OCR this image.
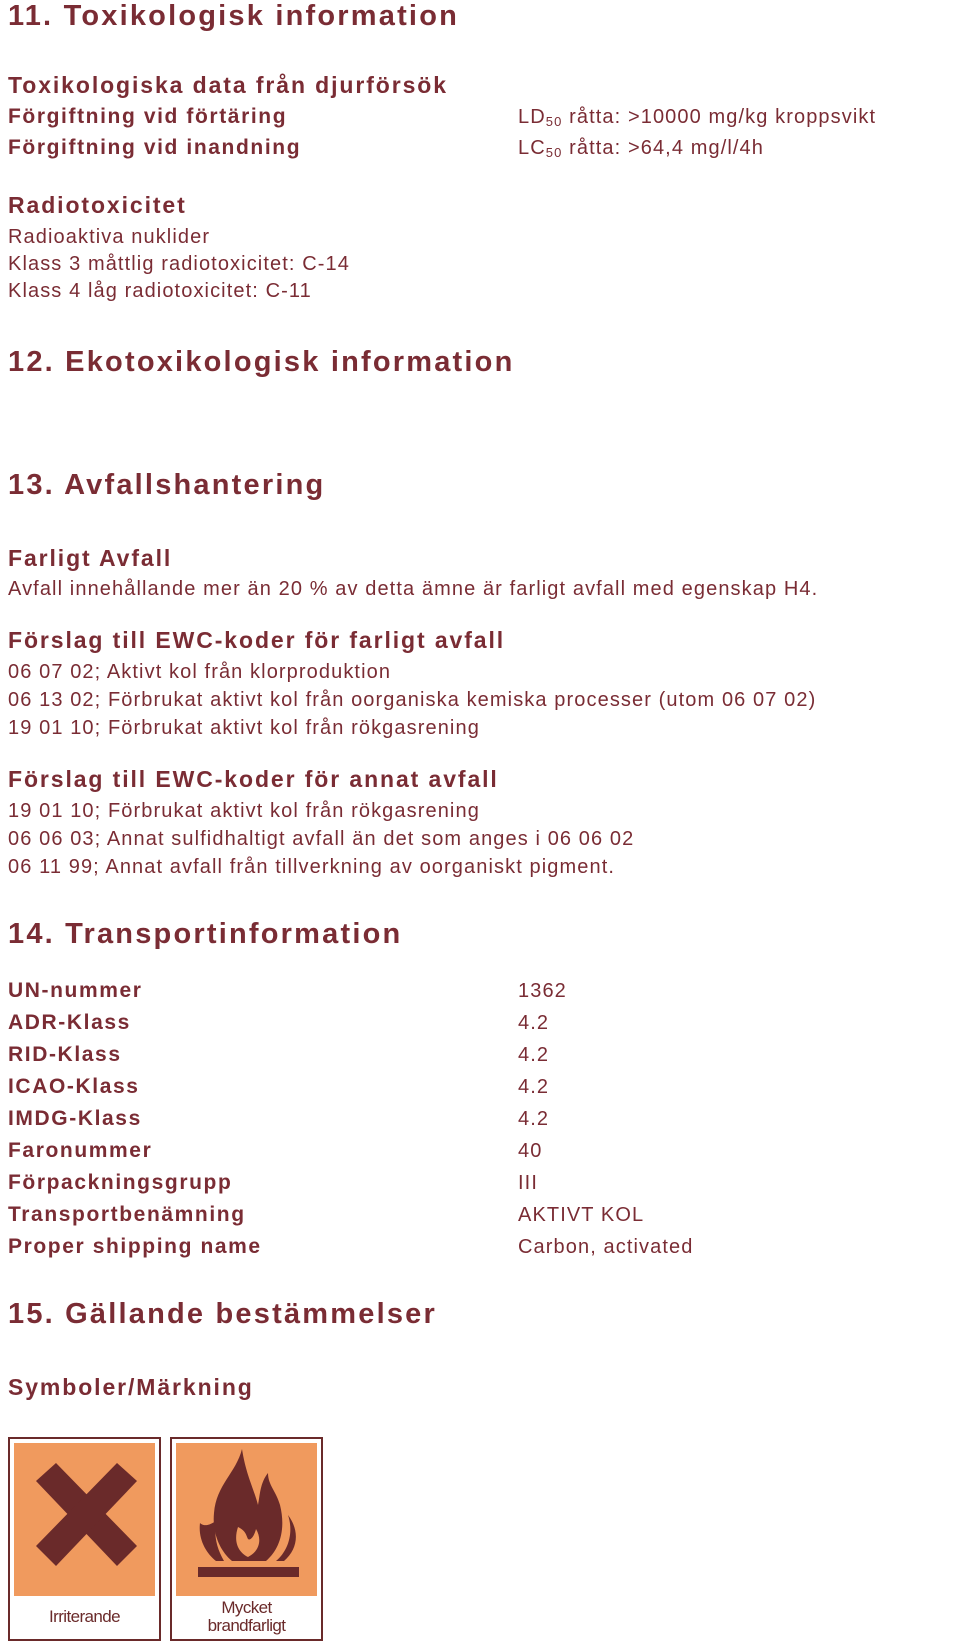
11. Toxikologisk information
Toxikologiska data från djurförsök
Förgiftning vid förtäring	$LD_{50}$ råtta: >10000 mg/kg kroppsvikt
Förgiftning vid inandning	$LC_{50}$ råtta: >64,4 mg/l/4h
Radiotoxicitet
Radioaktiva nuklider
Klass 3 måttlig radiotoxicitet: C-14
Klass 4 låg radiotoxicitet: C-11
12. Ekotoxikologisk information
13. Avfallshantering
Farligt Avfall
Avfall innehållande mer än 20 % av detta ämne är farligt avfall med egenskap H4.
Förslag till EWC-koder för farligt avfall
06 07 02; Aktivt kol från klorproduktion
06 13 02; Förbrukat aktivt kol från oorganiska kemiska processer (utom 06 07 02)
19 01 10; Förbrukat aktivt kol från rökgasrening
Förslag till EWC-koder för annat avfall
19 01 10; Förbrukat aktivt kol från rökgasrening
06 06 03; Annat sulfidhaltigt avfall än det som anges i 06 06 02
06 11 99; Annat avfall från tillverkning av oorganiskt pigment.
14. Transportinformation
UN-nummer	1362
ADR-Klass	4.2
RID-Klass	4.2
ICAO-Klass	4.2
IMDG-Klass	4.2
Faronummer	40
Förpackningsgrupp	III
Transportbenämning	AKTIVT KOL
Proper shipping name	Carbon, activated
15. Gällande bestämmelser
Symboler/Märkning
Irriterande	Mycket brandfarligt
